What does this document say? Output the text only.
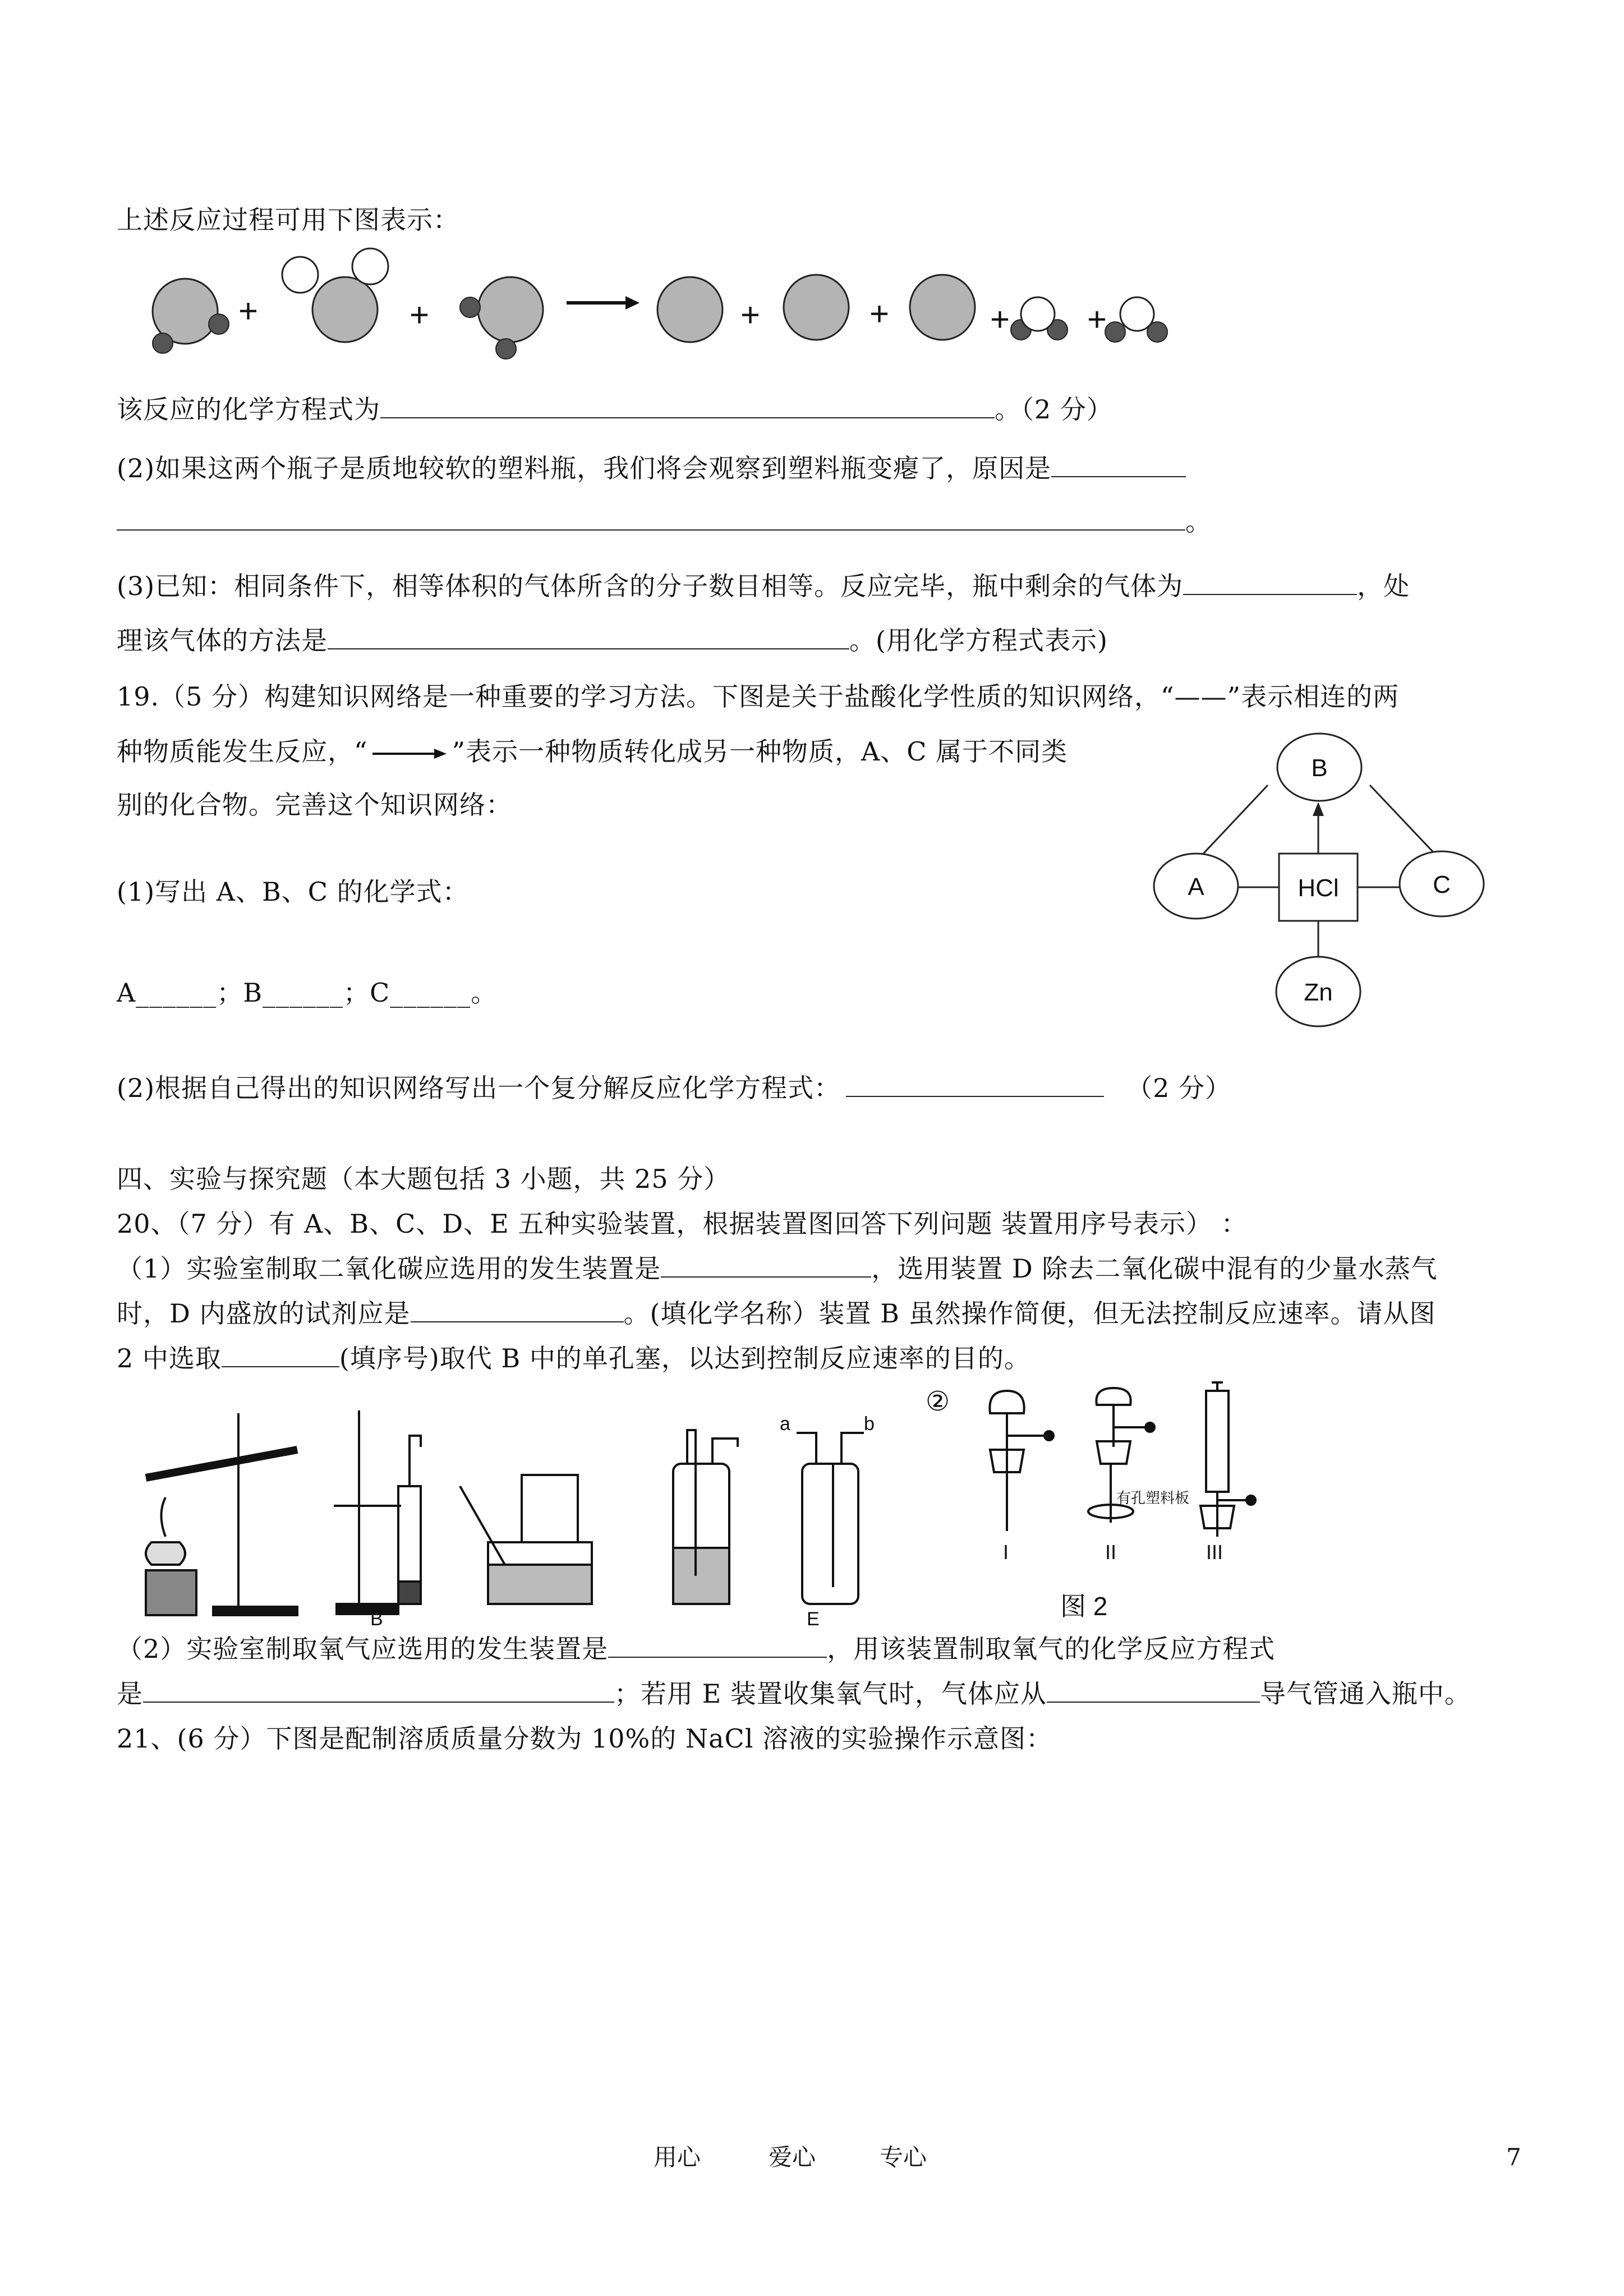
上述反应过程可用下图表示：
+	+	+	+	+ +
该反应的化学方程式为	。（2 分）
(2)如果这两个瓶子是质地较软的塑料瓶，我们将会观察到塑料瓶变瘪了，原因是
。
(3)已知：相同条件下，相等体积的气体所含的分子数目相等。反应完毕，瓶中剩余的气体为	，处
理该气体的方法是	。(用化学方程式表示)
19.（5 分）构建知识网络是一种重要的学习方法。下图是关于盐酸化学性质的知识网络，“——”表示相连的两
种物质能发生反应，“	”表示一种物质转化成另一种物质，A、C 属于不同类
别的化合物。完善这个知识网络：
B
A	C
HCl
Zn
(1)写出 A、B、C 的化学式：
A______；B______；C______。
(2)根据自己得出的知识网络写出一个复分解反应化学方程式：	（2 分）
四、实验与探究题（本大题包括 3 小题，共 25 分）
20、（7 分）有 A、B、C、D、E 五种实验装置，根据装置图回答下列问题 装置用序号表示） ：
（1）实验室制取二氧化碳应选用的发生装置是	，选用装置 D 除去二氧化碳中混有的少量水蒸气
时，D 内盛放的试剂应是	。(填化学名称）装置 B 虽然操作简便，但无法控制反应速率。请从图
2 中选取	(填序号)取代 B 中的单孔塞，以达到控制反应速率的目的。
B	E
a	b
②
有孔塑料板
I	II	III
图 2
（2）实验室制取氧气应选用的发生装置是	，用该装置制取氧气的化学反应方程式
是	；若用 E 装置收集氧气时，气体应从	导气管通入瓶中。
21、(6 分）下图是配制溶质质量分数为 10%的 NaCl 溶液的实验操作示意图：
用心	爱心	专心	7
